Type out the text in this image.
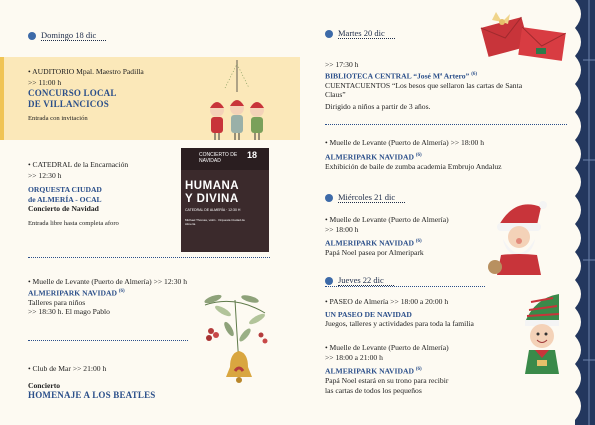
Domingo 18 dic
• AUDITORIO Mpal. Maestro Padilla
>> 11:00 h
CONCURSO LOCAL
DE VILLANCICOS
Entrada con invitación
• CATEDRAL de la Encarnación
>> 12:30 h
ORQUESTA CIUDAD
de ALMERÍA - OCAL
Concierto de Navidad
Entrada libre hasta completa aforo
CONCIERTO DE NAVIDAD
18
HUMANA
Y DIVINA
CATEDRAL DE ALMERÍA · 12:30 H
Michael Thomas, violin · Orquesta Ciudad de Almería
• Muelle de Levante (Puerto de Almería) >> 12:30 h
ALMERIPARK NAVIDAD $^{(6)}$
Talleres para niños
>> 18:30 h. El mago Pablo
• Club de Mar >> 21:00 h
Concierto
HOMENAJE A LOS BEATLES
Martes 20 dic
>> 17:30 h
BIBLIOTECA CENTRAL “José Mª Artero” $^{(6)}$
CUENTACUENTOS “Los besos que sellaron las cartas de Santa
Claus”
Dirigido a niños a partir de 3 años.
• Muelle de Levante (Puerto de Almería) >> 18:00 h
ALMERIPARK NAVIDAD $^{(6)}$
Exhibición de baile de zumba academia Embrujo Andaluz
Miércoles 21 dic
• Muelle de Levante (Puerto de Almería)
>> 18:00 h
ALMERIPARK NAVIDAD $^{(6)}$
Papá Noel pasea por Almeripark
Jueves 22 dic
• PASEO de Almería >> 18:00 a 20:00 h
UN PASEO DE NAVIDAD
Juegos, talleres y actividades para toda la familia
• Muelle de Levante (Puerto de Almería)
>> 18:00 a 21:00 h
ALMERIPARK NAVIDAD $^{(6)}$
Papá Noel estará en su trono para recibir
las cartas de todos los pequeños
